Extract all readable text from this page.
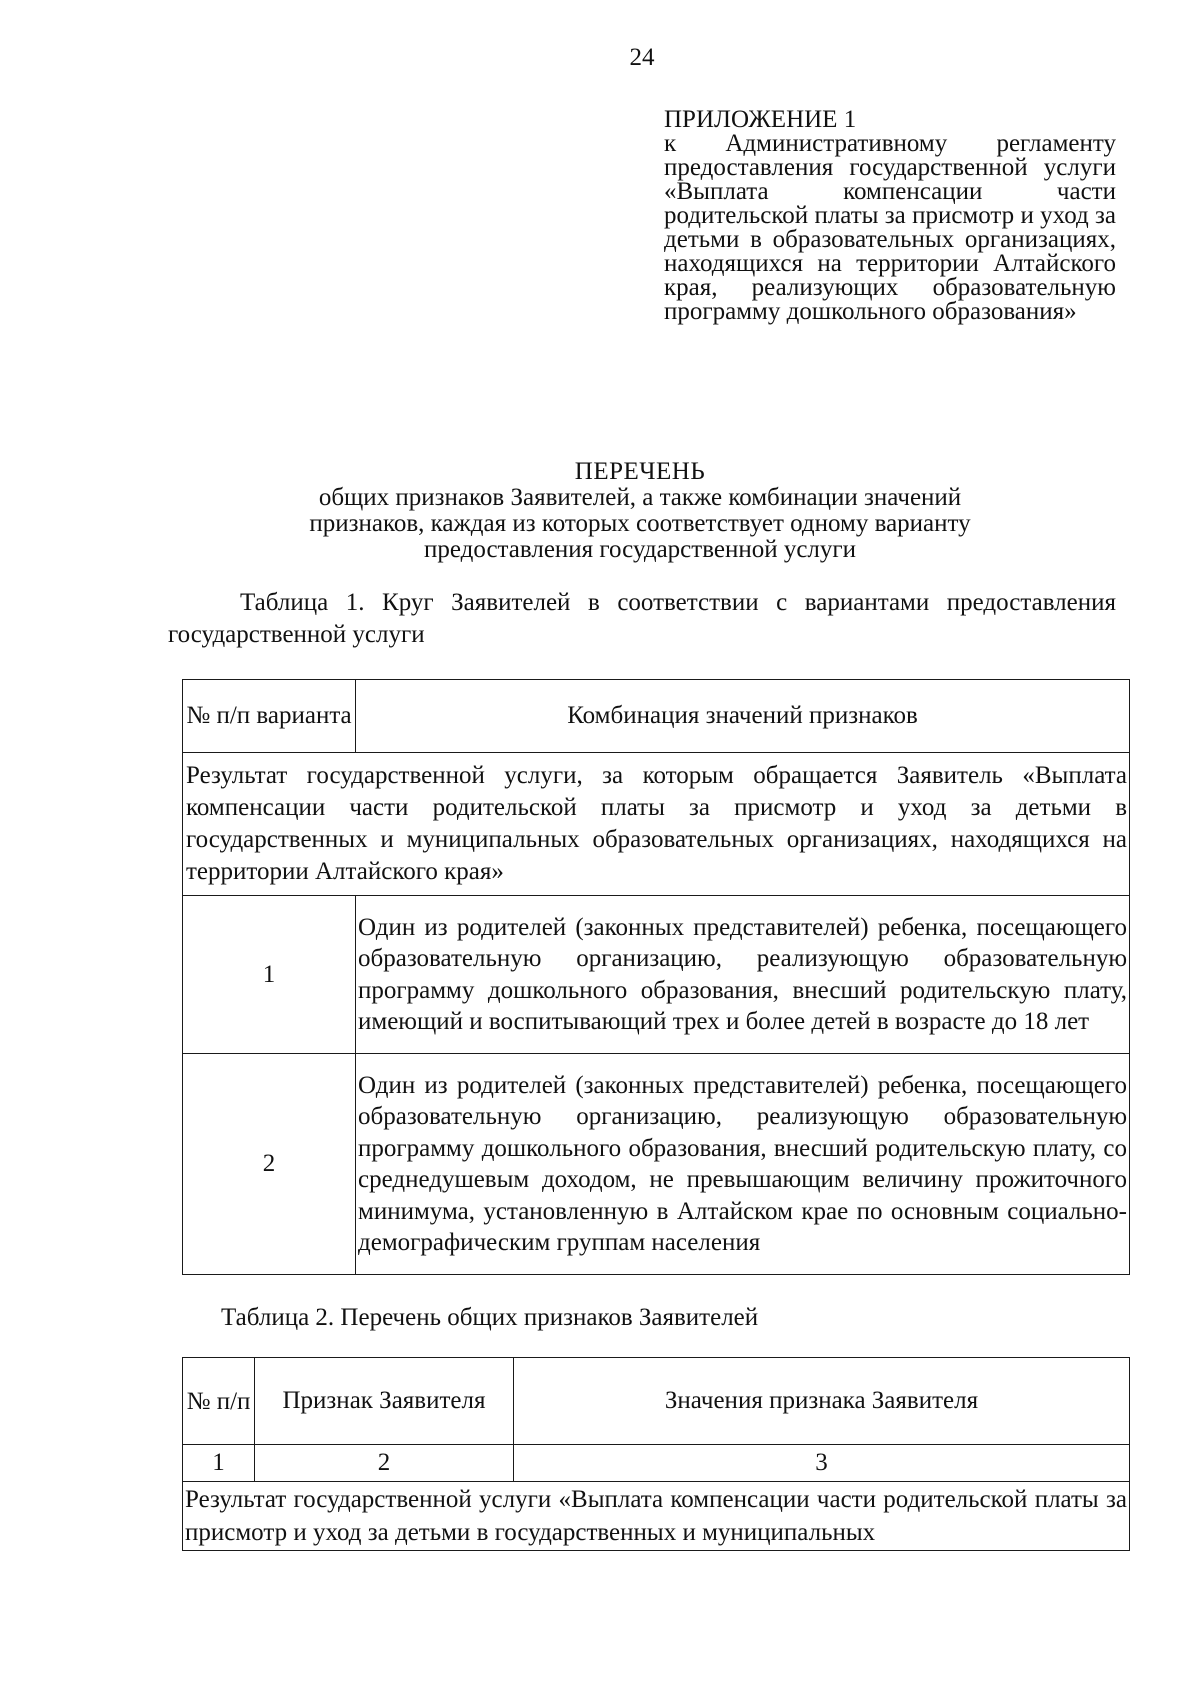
24

ПРИЛОЖЕНИЕ 1

к Административному регламенту предоставления государственной услуги «Выплата компенсации части родительской платы за присмотр и уход за детьми в образовательных организациях, находящихся на территории Алтайского края, реализующих образовательную программу дошкольного образования»

ПЕРЕЧЕНЬ
общих признаков Заявителей, а также комбинации значений
признаков, каждая из которых соответствует одному варианту
предоставления государственной услуги
Таблица 1. Круг Заявителей в соответствии с вариантами предоставления государственной услуги
№ п/п варианта	Комбинация значений признаков
Результат государственной услуги, за которым обращается Заявитель «Выплата компенсации части родительской платы за присмотр и уход за детьми в государственных и муниципальных образовательных организациях, находящихся на территории Алтайского края»	
1	Один из родителей (законных представителей) ребенка, посещающего образовательную организацию, реализующую образовательную программу дошкольного образования, внесший родительскую плату, имеющий и воспитывающий трех и более детей в возрасте до 18 лет
2	Один из родителей (законных представителей) ребенка, посещающего образовательную организацию, реализующую образовательную программу дошкольного образования, внесший родительскую плату, со среднедушевым доходом, не превышающим величину прожиточного минимума, установленную в Алтайском крае по основным социально-демографическим группам населения
Таблица 2. Перечень общих признаков Заявителей
№ п/п	Признак Заявителя	Значения признака Заявителя
1	2	3
Результат государственной услуги «Выплата компенсации части родительской платы за присмотр и уход за детьми в государственных и муниципальных		
